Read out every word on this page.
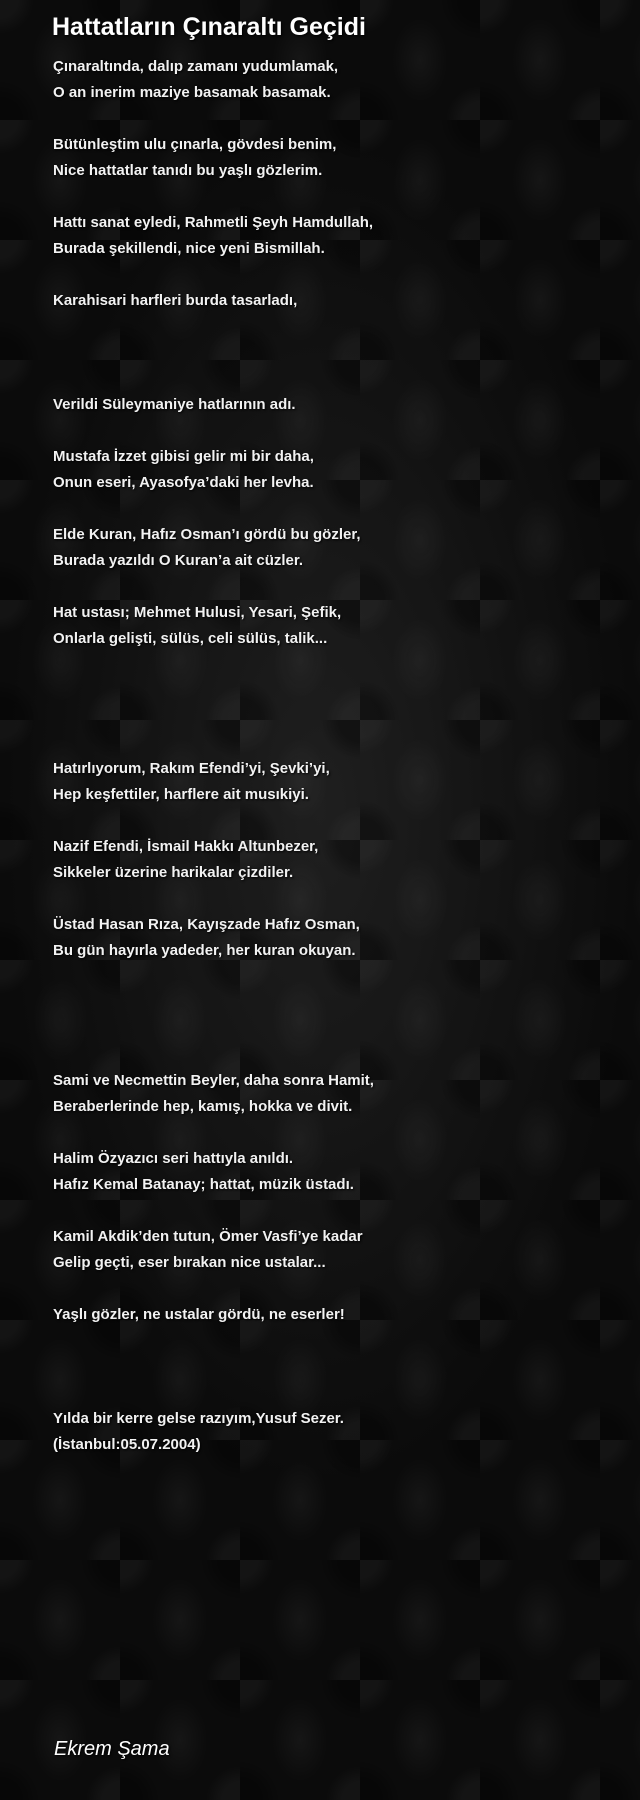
Hattatların Çınaraltı Geçidi
Çınaraltında, dalıp zamanı yudumlamak,
O an inerim maziye basamak basamak.
Bütünleştim ulu çınarla, gövdesi benim,
Nice hattatlar tanıdı bu yaşlı gözlerim.
Hattı sanat eyledi, Rahmetli Şeyh Hamdullah,
Burada şekillendi, nice yeni Bismillah.
Karahisari harfleri burda tasarladı,
Verildi Süleymaniye hatlarının adı.
Mustafa İzzet gibisi gelir mi bir daha,
Onun eseri, Ayasofya’daki her levha.
Elde Kuran, Hafız Osman’ı gördü bu gözler,
Burada yazıldı O Kuran’a ait cüzler.
Hat ustası; Mehmet Hulusi, Yesari, Şefik,
Onlarla gelişti, sülüs, celi sülüs, talik...
Hatırlıyorum, Rakım Efendi’yi, Şevki’yi,
Hep keşfettiler, harflere ait musıkiyi.
Nazif Efendi, İsmail Hakkı Altunbezer,
Sikkeler üzerine harikalar çizdiler.
Üstad Hasan Rıza, Kayışzade Hafız Osman,
Bu gün hayırla yadeder, her kuran okuyan.
Sami ve Necmettin Beyler, daha sonra Hamit,
Beraberlerinde hep, kamış, hokka ve divit.
Halim Özyazıcı seri hattıyla anıldı.
Hafız Kemal Batanay; hattat, müzik üstadı.
Kamil Akdik’den tutun, Ömer Vasfi’ye kadar
Gelip geçti, eser bırakan nice ustalar...
Yaşlı gözler, ne ustalar gördü, ne eserler!
Yılda bir kerre gelse razıyım,Yusuf Sezer.
(İstanbul:05.07.2004)
Ekrem Şama
